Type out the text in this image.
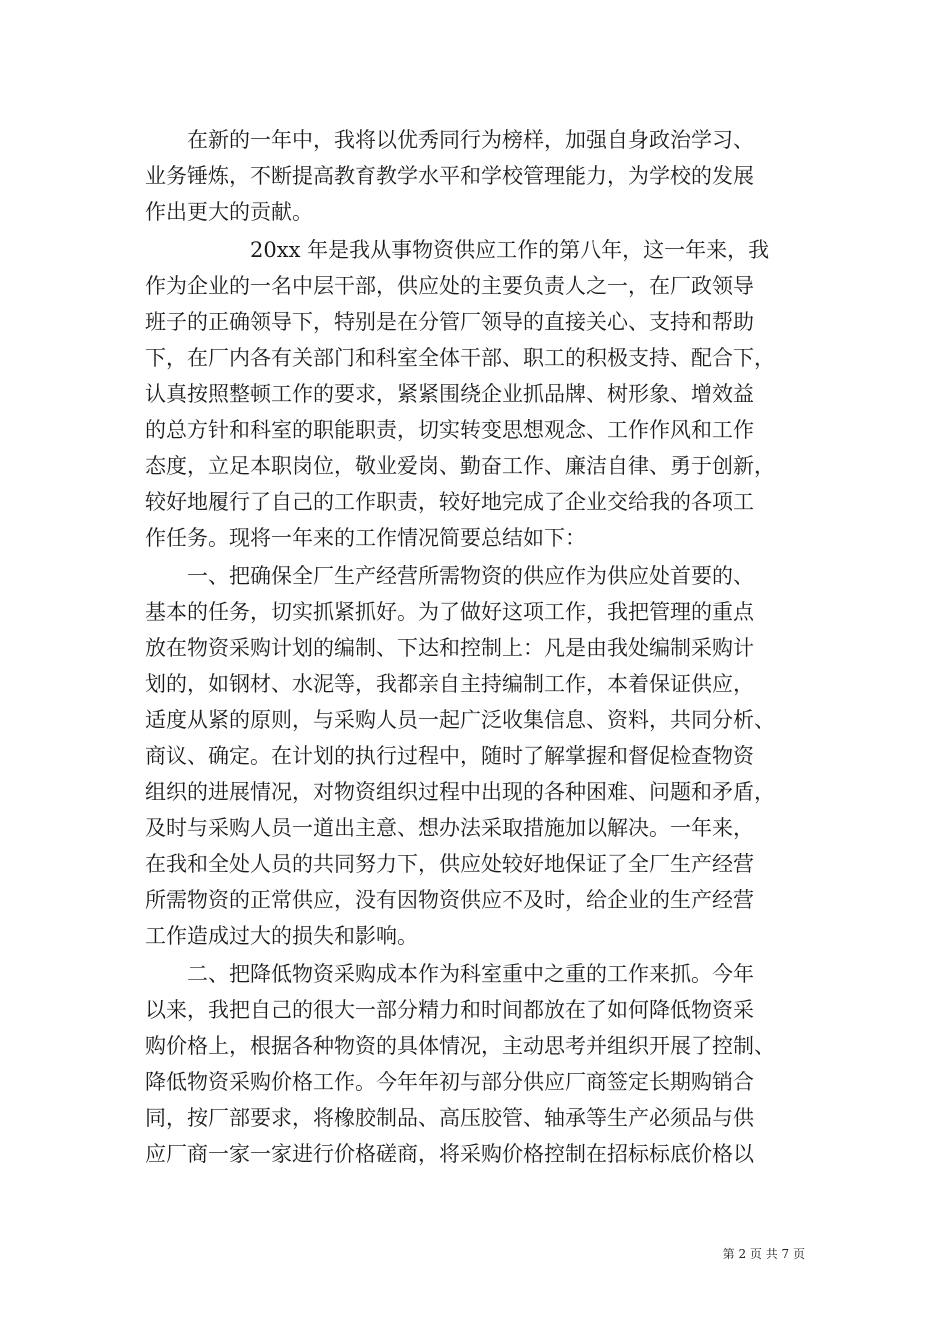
　　在新的一年中，我将以优秀同行为榜样，加强自身政治学习、
业务锤炼，不断提高教育教学水平和学校管理能力，为学校的发展
作出更大的贡献。
　　　　　20xx 年是我从事物资供应工作的第八年，这一年来，我
作为企业的一名中层干部，供应处的主要负责人之一，在厂政领导
班子的正确领导下，特别是在分管厂领导的直接关心、支持和帮助
下，在厂内各有关部门和科室全体干部、职工的积极支持、配合下，
认真按照整顿工作的要求，紧紧围绕企业抓品牌、树形象、增效益
的总方针和科室的职能职责，切实转变思想观念、工作作风和工作
态度，立足本职岗位，敬业爱岗、勤奋工作、廉洁自律、勇于创新，
较好地履行了自己的工作职责，较好地完成了企业交给我的各项工
作任务。现将一年来的工作情况简要总结如下：
　　一、把确保全厂生产经营所需物资的供应作为供应处首要的、
基本的任务，切实抓紧抓好。为了做好这项工作，我把管理的重点
放在物资采购计划的编制、下达和控制上：凡是由我处编制采购计
划的，如钢材、水泥等，我都亲自主持编制工作，本着保证供应，
适度从紧的原则，与采购人员一起广泛收集信息、资料，共同分析、
商议、确定。在计划的执行过程中，随时了解掌握和督促检查物资
组织的进展情况，对物资组织过程中出现的各种困难、问题和矛盾，
及时与采购人员一道出主意、想办法采取措施加以解决。一年来，
在我和全处人员的共同努力下，供应处较好地保证了全厂生产经营
所需物资的正常供应，没有因物资供应不及时，给企业的生产经营
工作造成过大的损失和影响。
　　二、把降低物资采购成本作为科室重中之重的工作来抓。今年
以来，我把自己的很大一部分精力和时间都放在了如何降低物资采
购价格上，根据各种物资的具体情况，主动思考并组织开展了控制、
降低物资采购价格工作。今年年初与部分供应厂商签定长期购销合
同，按厂部要求，将橡胶制品、高压胶管、轴承等生产必须品与供
应厂商一家一家进行价格磋商，将采购价格控制在招标标底价格以
第 2 页 共 7 页
